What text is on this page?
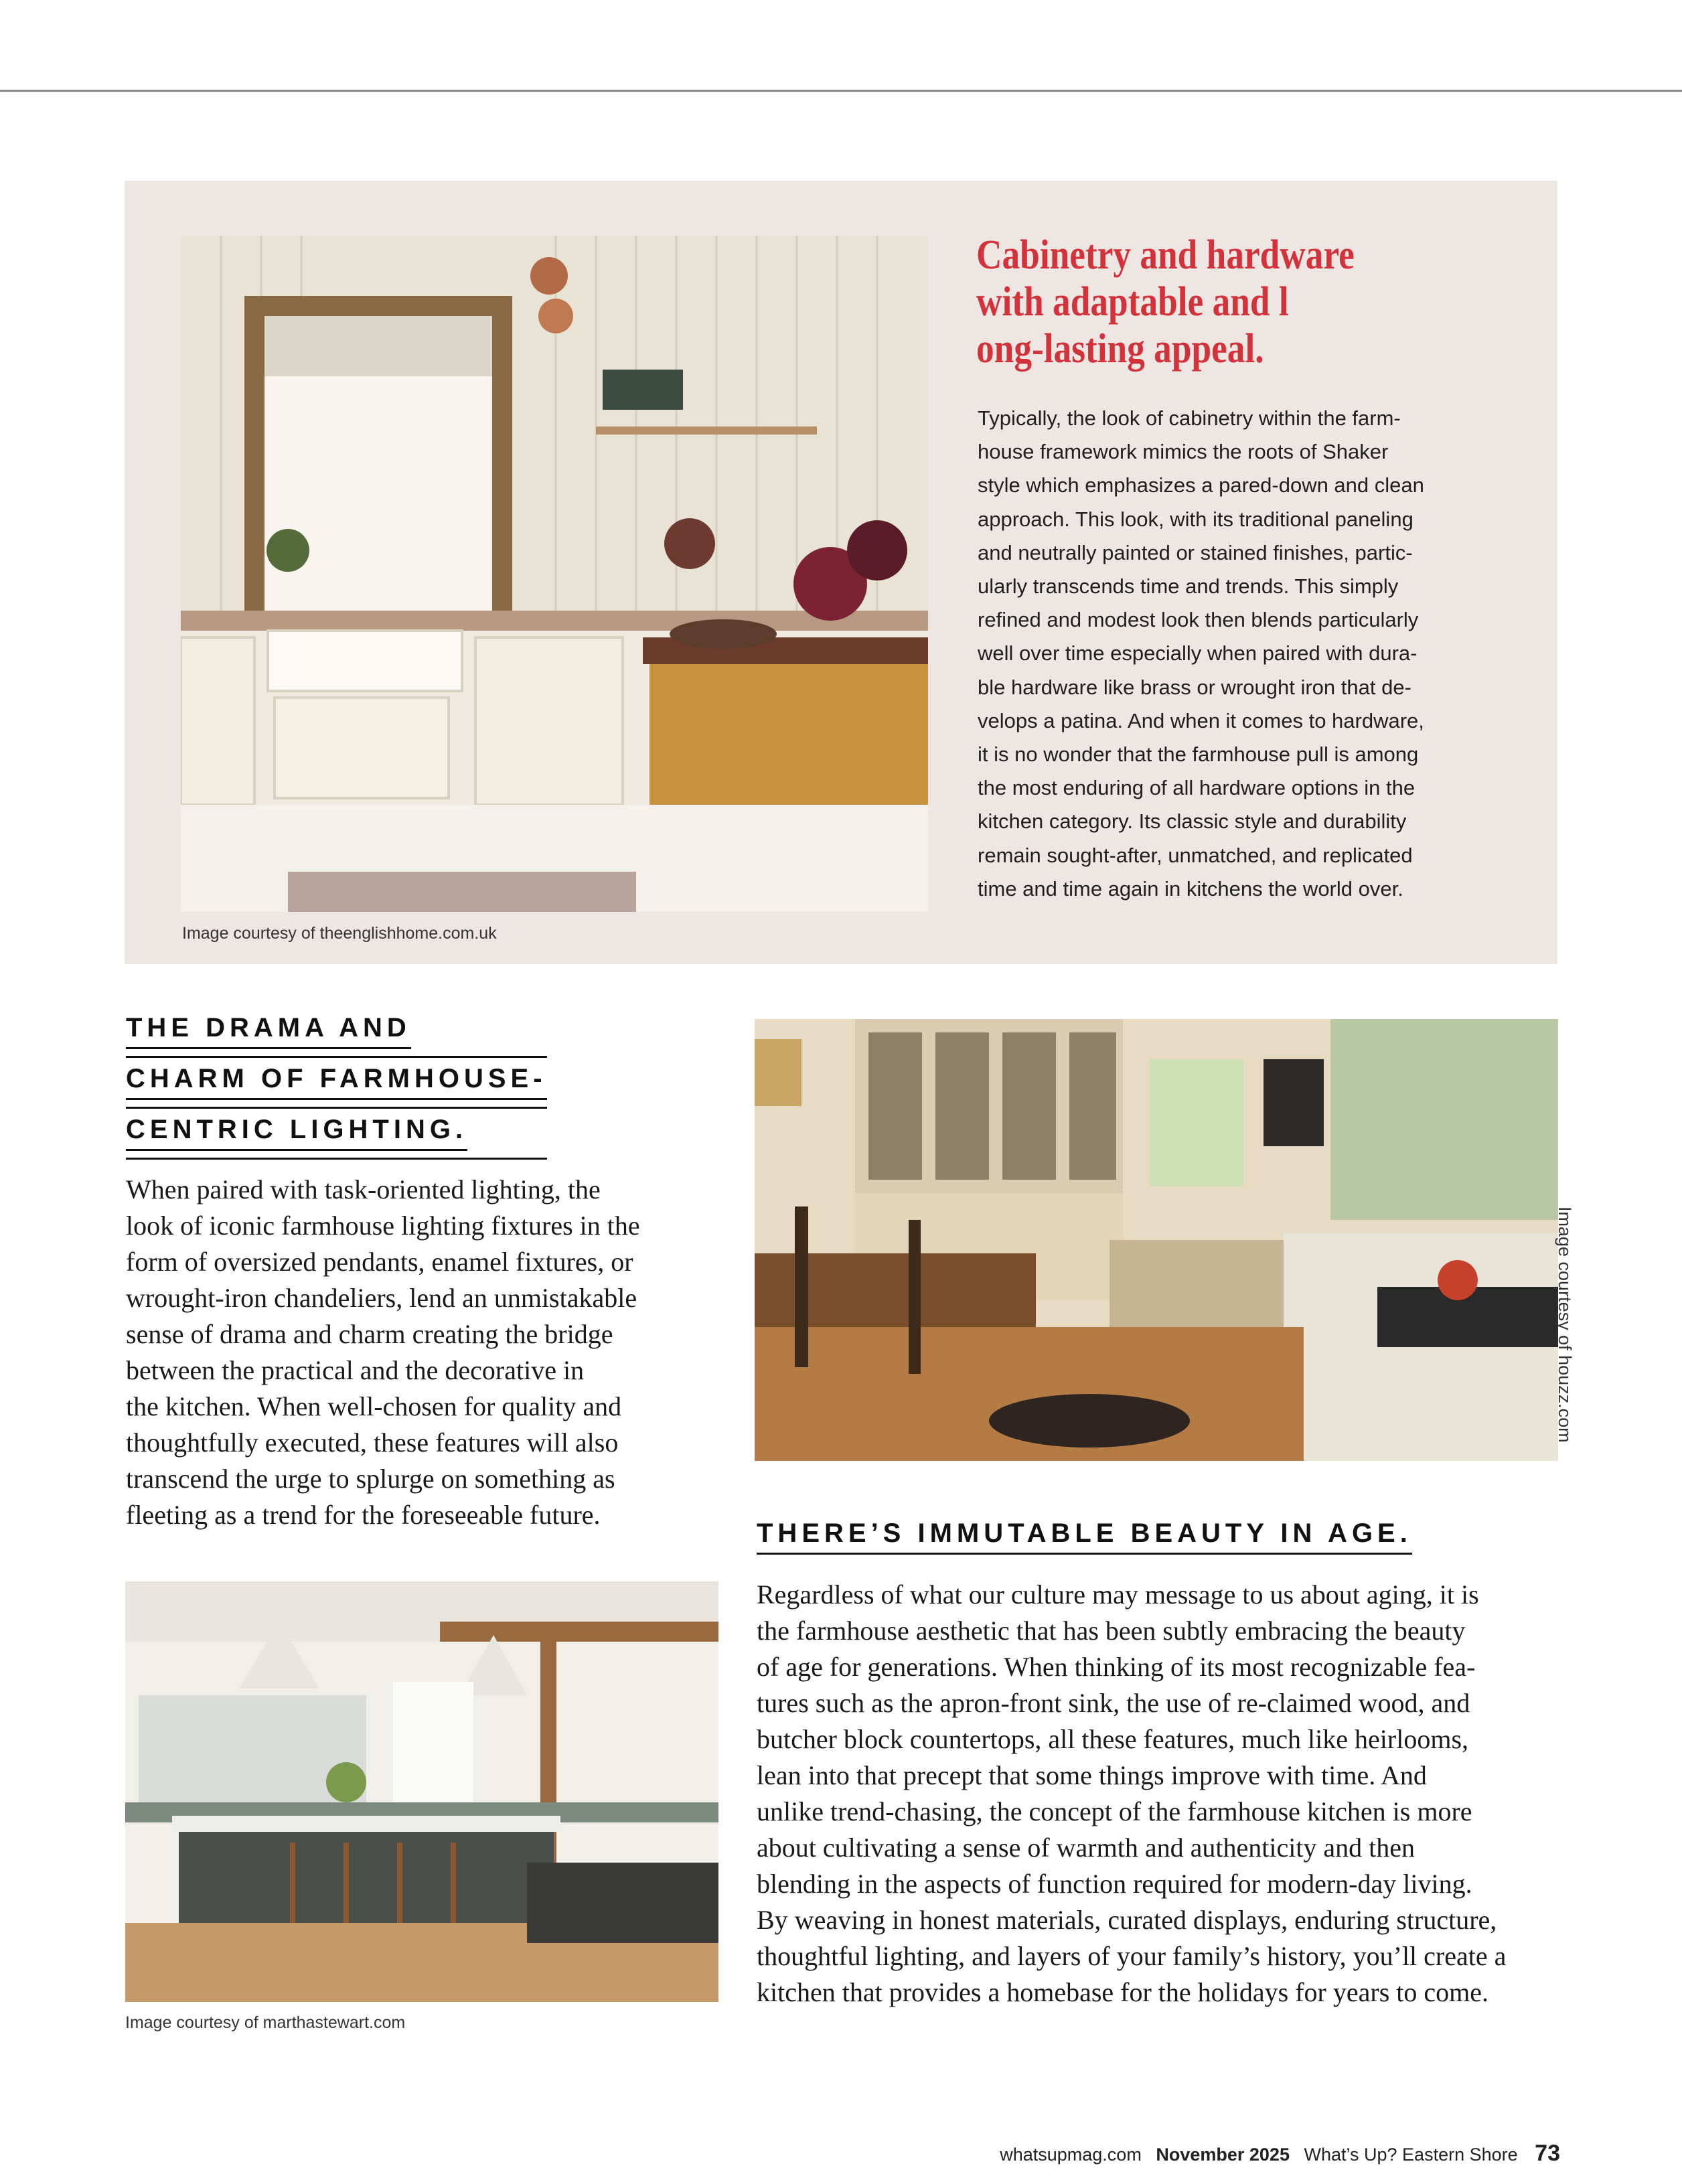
Cabinetry and hardware
with adaptable and l
ong-lasting appeal.

Typically, the look of cabinetry within the farm-
house framework mimics the roots of Shaker
style which emphasizes a pared-down and clean
approach. This look, with its traditional paneling
and neutrally painted or stained finishes, partic-
ularly transcends time and trends. This simply
refined and modest look then blends particularly
well over time especially when paired with dura-
ble hardware like brass or wrought iron that de-
velops a patina. And when it comes to hardware,
it is no wonder that the farmhouse pull is among
the most enduring of all hardware options in the
kitchen category. Its classic style and durability
remain sought-after, unmatched, and replicated
time and time again in kitchens the world over.

Image courtesy of theenglishhome.com.uk
THE DRAMA AND
CHARM OF FARMHOUSE-
CENTRIC LIGHTING.

When paired with task-oriented lighting, the
look of iconic farmhouse lighting fixtures in the
form of oversized pendants, enamel fixtures, or
wrought-iron chandeliers, lend an unmistakable
sense of drama and charm creating the bridge
between the practical and the decorative in
the kitchen. When well-chosen for quality and
thoughtfully executed, these features will also
transcend the urge to splurge on something as
fleeting as a trend for the foreseeable future.

Image courtesy of houzz.com
THERE’S IMMUTABLE BEAUTY IN AGE.

Regardless of what our culture may message to us about aging, it is
the farmhouse aesthetic that has been subtly embracing the beauty
of age for generations. When thinking of its most recognizable fea-
tures such as the apron-front sink, the use of re-claimed wood, and
butcher block countertops, all these features, much like heirlooms,
lean into that precept that some things improve with time. And
unlike trend-chasing, the concept of the farmhouse kitchen is more
about cultivating a sense of warmth and authenticity and then
blending in the aspects of function required for modern-day living.
By weaving in honest materials, curated displays, enduring structure,
thoughtful lighting, and layers of your family’s history, you’ll create a
kitchen that provides a homebase for the holidays for years to come.

Image courtesy of marthastewart.com
whatsupmag.com November 2025 What’s Up? Eastern Shore 73
